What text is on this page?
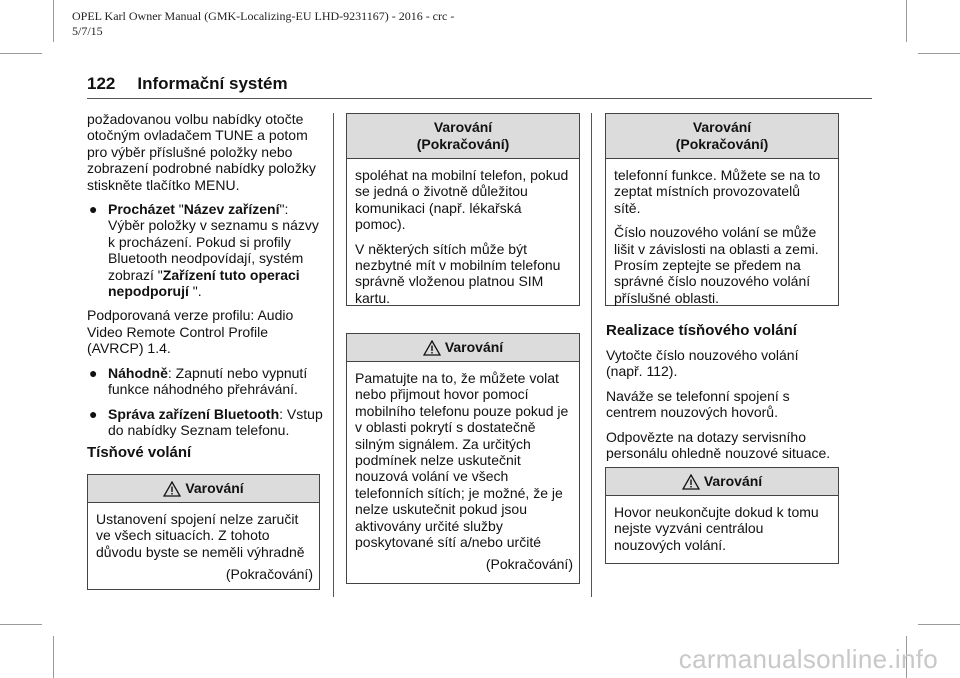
OPEL Karl Owner Manual (GMK-Localizing-EU LHD-9231167) - 2016 - crc -
5/7/15
122 Informační systém

požadovanou volbu nabídky otočte otočným ovladačem TUNE a potom pro výběr příslušné položky nebo zobrazení podrobné nabídky položky stiskněte tlačítko MENU.

● Procházet "Název zařízení": Výběr položky v seznamu s názvy k procházení. Pokud si profily Bluetooth neodpovídají, systém zobrazí "Zařízení tuto operaci nepodporují ".

Podporovaná verze profilu: Audio Video Remote Control Profile (AVRCP) 1.4.

● Náhodně: Zapnutí nebo vypnutí funkce náhodného přehrávání.
● Správa zařízení Bluetooth: Vstup do nabídky Seznam telefonu.
Tísňové volání
Varování
Ustanovení spojení nelze zaručit ve všech situacích. Z tohoto důvodu byste se neměli výhradně
(Pokračování)
Varování
(Pokračování)

spoléhat na mobilní telefon, pokud se jedná o životně důležitou komunikaci (např. lékařská pomoc).

V některých sítích může být nezbytné mít v mobilním telefonu správně vloženou platnou SIM kartu.

Varování
Pamatujte na to, že můžete volat nebo přijmout hovor pomocí mobilního telefonu pouze pokud je v oblasti pokrytí s dostatečně silným signálem. Za určitých podmínek nelze uskutečnit nouzová volání ve všech telefonních sítích; je možné, že je nelze uskutečnit pokud jsou aktivovány určité služby poskytované sítí a/nebo určité
(Pokračování)
Varování
(Pokračování)

telefonní funkce. Můžete se na to zeptat místních provozovatelů sítě.

Číslo nouzového volání se může lišit v závislosti na oblasti a zemi. Prosím zeptejte se předem na správné číslo nouzového volání příslušné oblasti.

Realizace tísňového volání

Vytočte číslo nouzového volání (např. 112).

Naváže se telefonní spojení s centrem nouzových hovorů.

Odpovězte na dotazy servisního personálu ohledně nouzové situace.

Varování
Hovor neukončujte dokud k tomu nejste vyzváni centrálou nouzových volání.
carmanualsonline.info
